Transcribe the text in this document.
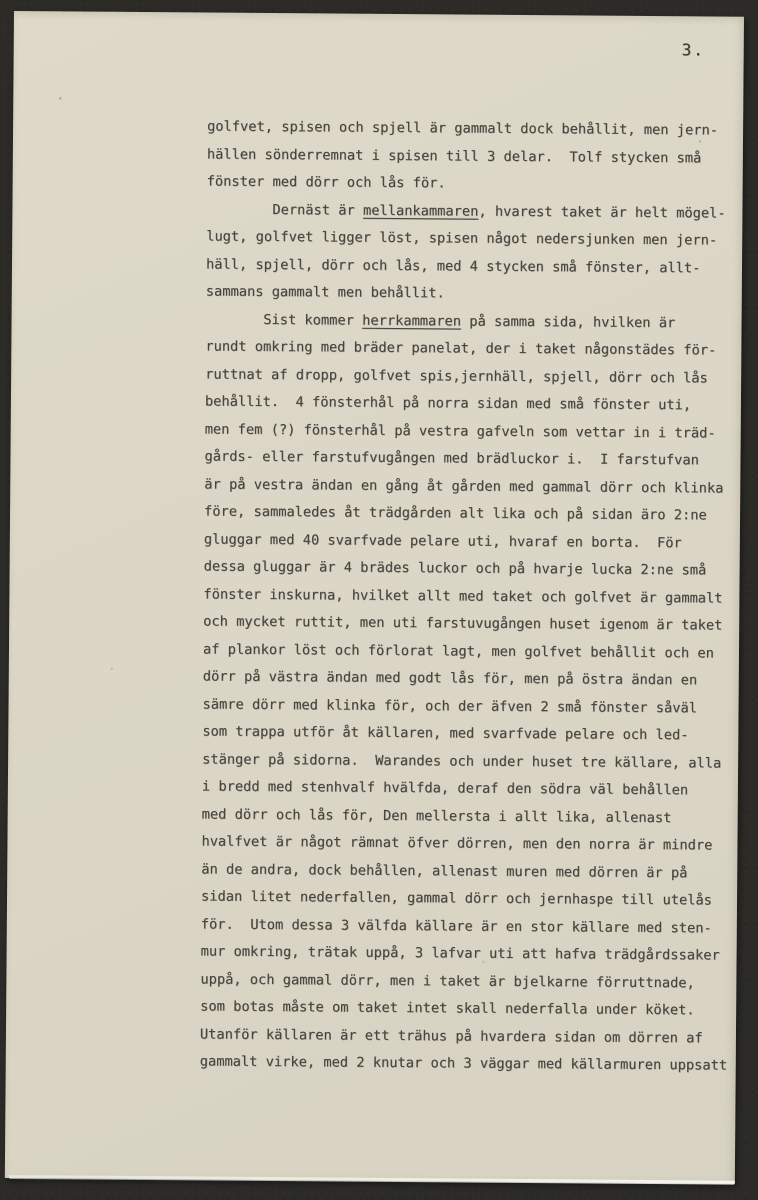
3.
golfvet, spisen och spjell är gammalt dock behållit, men jern-
hällen sönderremnat i spisen till 3 delar.  Tolf stycken små
fönster med dörr och lås för.
Dernäst är mellankammaren, hvarest taket är helt mögel-
lugt, golfvet ligger löst, spisen något nedersjunken men jern-
häll, spjell, dörr och lås, med 4 stycken små fönster, allt-
sammans gammalt men behållit.
Sist kommer herrkammaren på samma sida, hvilken är
rundt omkring med bräder panelat, der i taket någonstädes för-
ruttnat af dropp, golfvet spis,jernhäll, spjell, dörr och lås
behållit.  4 fönsterhål på norra sidan med små fönster uti,
men fem (?) fönsterhål på vestra gafveln som vettar in i träd-
gårds- eller farstufvugången med brädluckor i.  I farstufvan
är på vestra ändan en gång åt gården med gammal dörr och klinka
före, sammaledes åt trädgården alt lika och på sidan äro 2:ne
gluggar med 40 svarfvade pelare uti, hvaraf en borta.  För
dessa gluggar är 4 brädes luckor och på hvarje lucka 2:ne små
fönster inskurna, hvilket allt med taket och golfvet är gammalt
och mycket ruttit, men uti farstuvugången huset igenom är taket
af plankor löst och förlorat lagt, men golfvet behållit och en
dörr på västra ändan med godt lås för, men på östra ändan en
sämre dörr med klinka för, och der äfven 2 små fönster såväl
som trappa utför åt källaren, med svarfvade pelare och led-
stänger på sidorna.  Warandes och under huset tre källare, alla
i bredd med stenhvalf hvälfda, deraf den södra väl behållen
med dörr och lås för, Den mellersta i allt lika, allenast
hvalfvet är något rämnat öfver dörren, men den norra är mindre
än de andra, dock behållen, allenast muren med dörren är på
sidan litet nederfallen, gammal dörr och jernhaspe till utelås
för.  Utom dessa 3 välfda källare är en stor källare med sten-
mur omkring, trätak uppå, 3 lafvar uti att hafva trädgårdssaker
uppå, och gammal dörr, men i taket är bjelkarne förruttnade,
som botas måste om taket intet skall nederfalla under köket.
Utanför källaren är ett trähus på hvardera sidan om dörren af
gammalt virke, med 2 knutar och 3 väggar med källarmuren uppsatt
